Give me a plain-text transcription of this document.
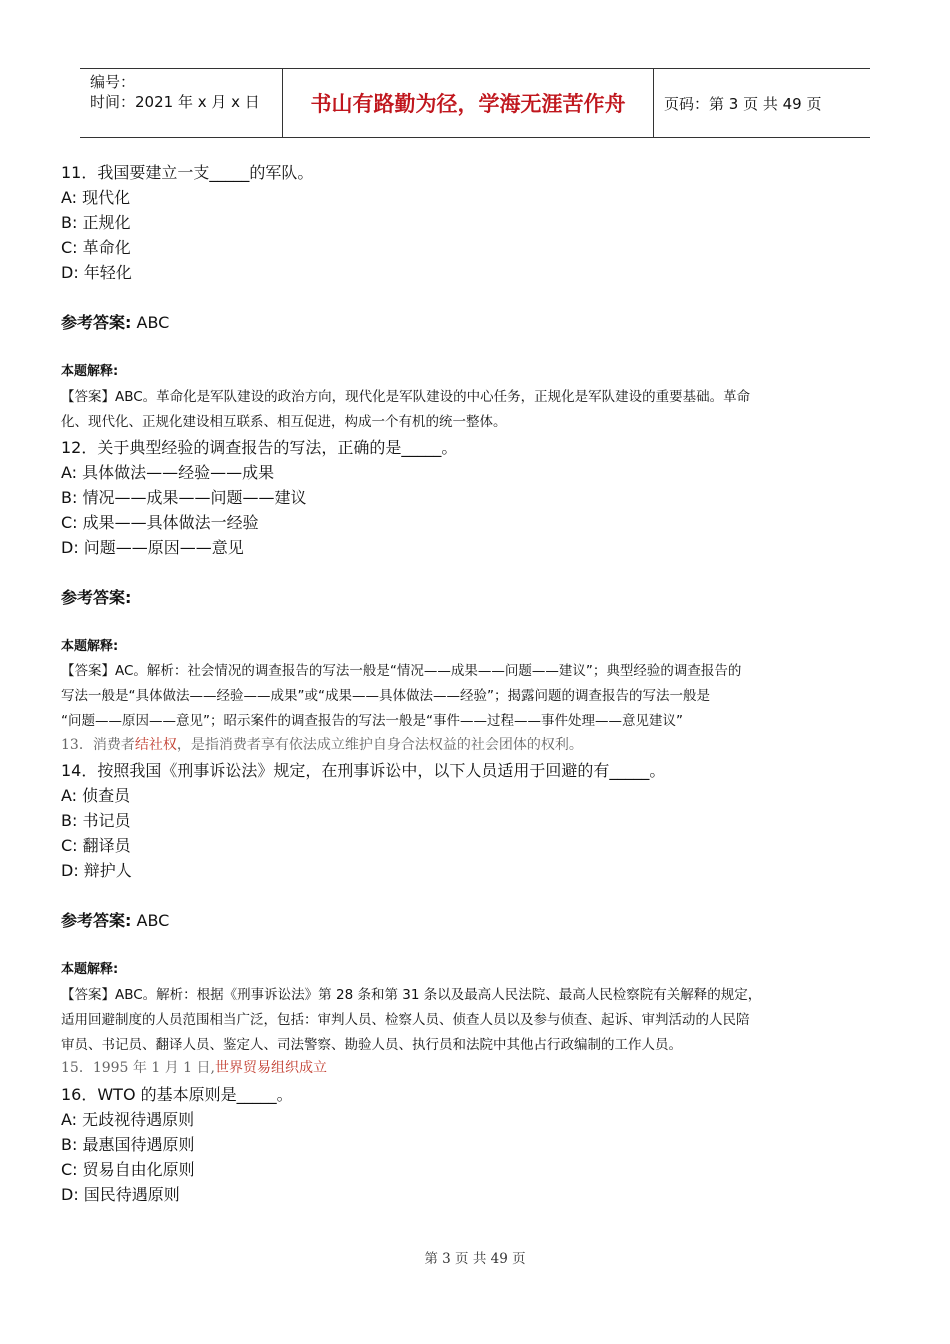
编号：
时间：2021 年 x 月 x 日	书山有路勤为径，学海无涯苦作舟	页码：第 3 页 共 49 页
11．我国要建立一支_____的军队。
A: 现代化
B: 正规化
C: 革命化
D: 年轻化
参考答案: ABC
本题解释:
【答案】ABC。革命化是军队建设的政治方向，现代化是军队建设的中心任务，正规化是军队建设的重要基础。革命
化、现代化、正规化建设相互联系、相互促进，构成一个有机的统一整体。
12．关于典型经验的调查报告的写法，正确的是_____。
A: 具体做法——经验——成果
B: 情况——成果——问题——建议
C: 成果——具体做法一经验
D: 问题——原因——意见
参考答案:
本题解释:
【答案】AC。解析：社会情况的调查报告的写法一般是“情况——成果——问题——建议”；典型经验的调查报告的
写法一般是“具体做法——经验——成果”或“成果——具体做法——经验”；揭露问题的调查报告的写法一般是
“问题——原因——意见”；昭示案件的调查报告的写法一般是“事件——过程——事件处理——意见建议”
13．消费者结社权，是指消费者享有依法成立维护自身合法权益的社会团体的权利。
14．按照我国《刑事诉讼法》规定，在刑事诉讼中，以下人员适用于回避的有_____。
A: 侦查员
B: 书记员
C: 翻译员
D: 辩护人
参考答案: ABC
本题解释:
【答案】ABC。解析：根据《刑事诉讼法》第 28 条和第 31 条以及最高人民法院、最高人民检察院有关解释的规定，
适用回避制度的人员范围相当广泛，包括：审判人员、检察人员、侦查人员以及参与侦查、起诉、审判活动的人民陪
审员、书记员、翻译人员、鉴定人、司法警察、勘验人员、执行员和法院中其他占行政编制的工作人员。
15．1995 年 1 月 1 日,世界贸易组织成立
16．WTO 的基本原则是_____。
A: 无歧视待遇原则
B: 最惠国待遇原则
C: 贸易自由化原则
D: 国民待遇原则
第 3 页 共 49 页
